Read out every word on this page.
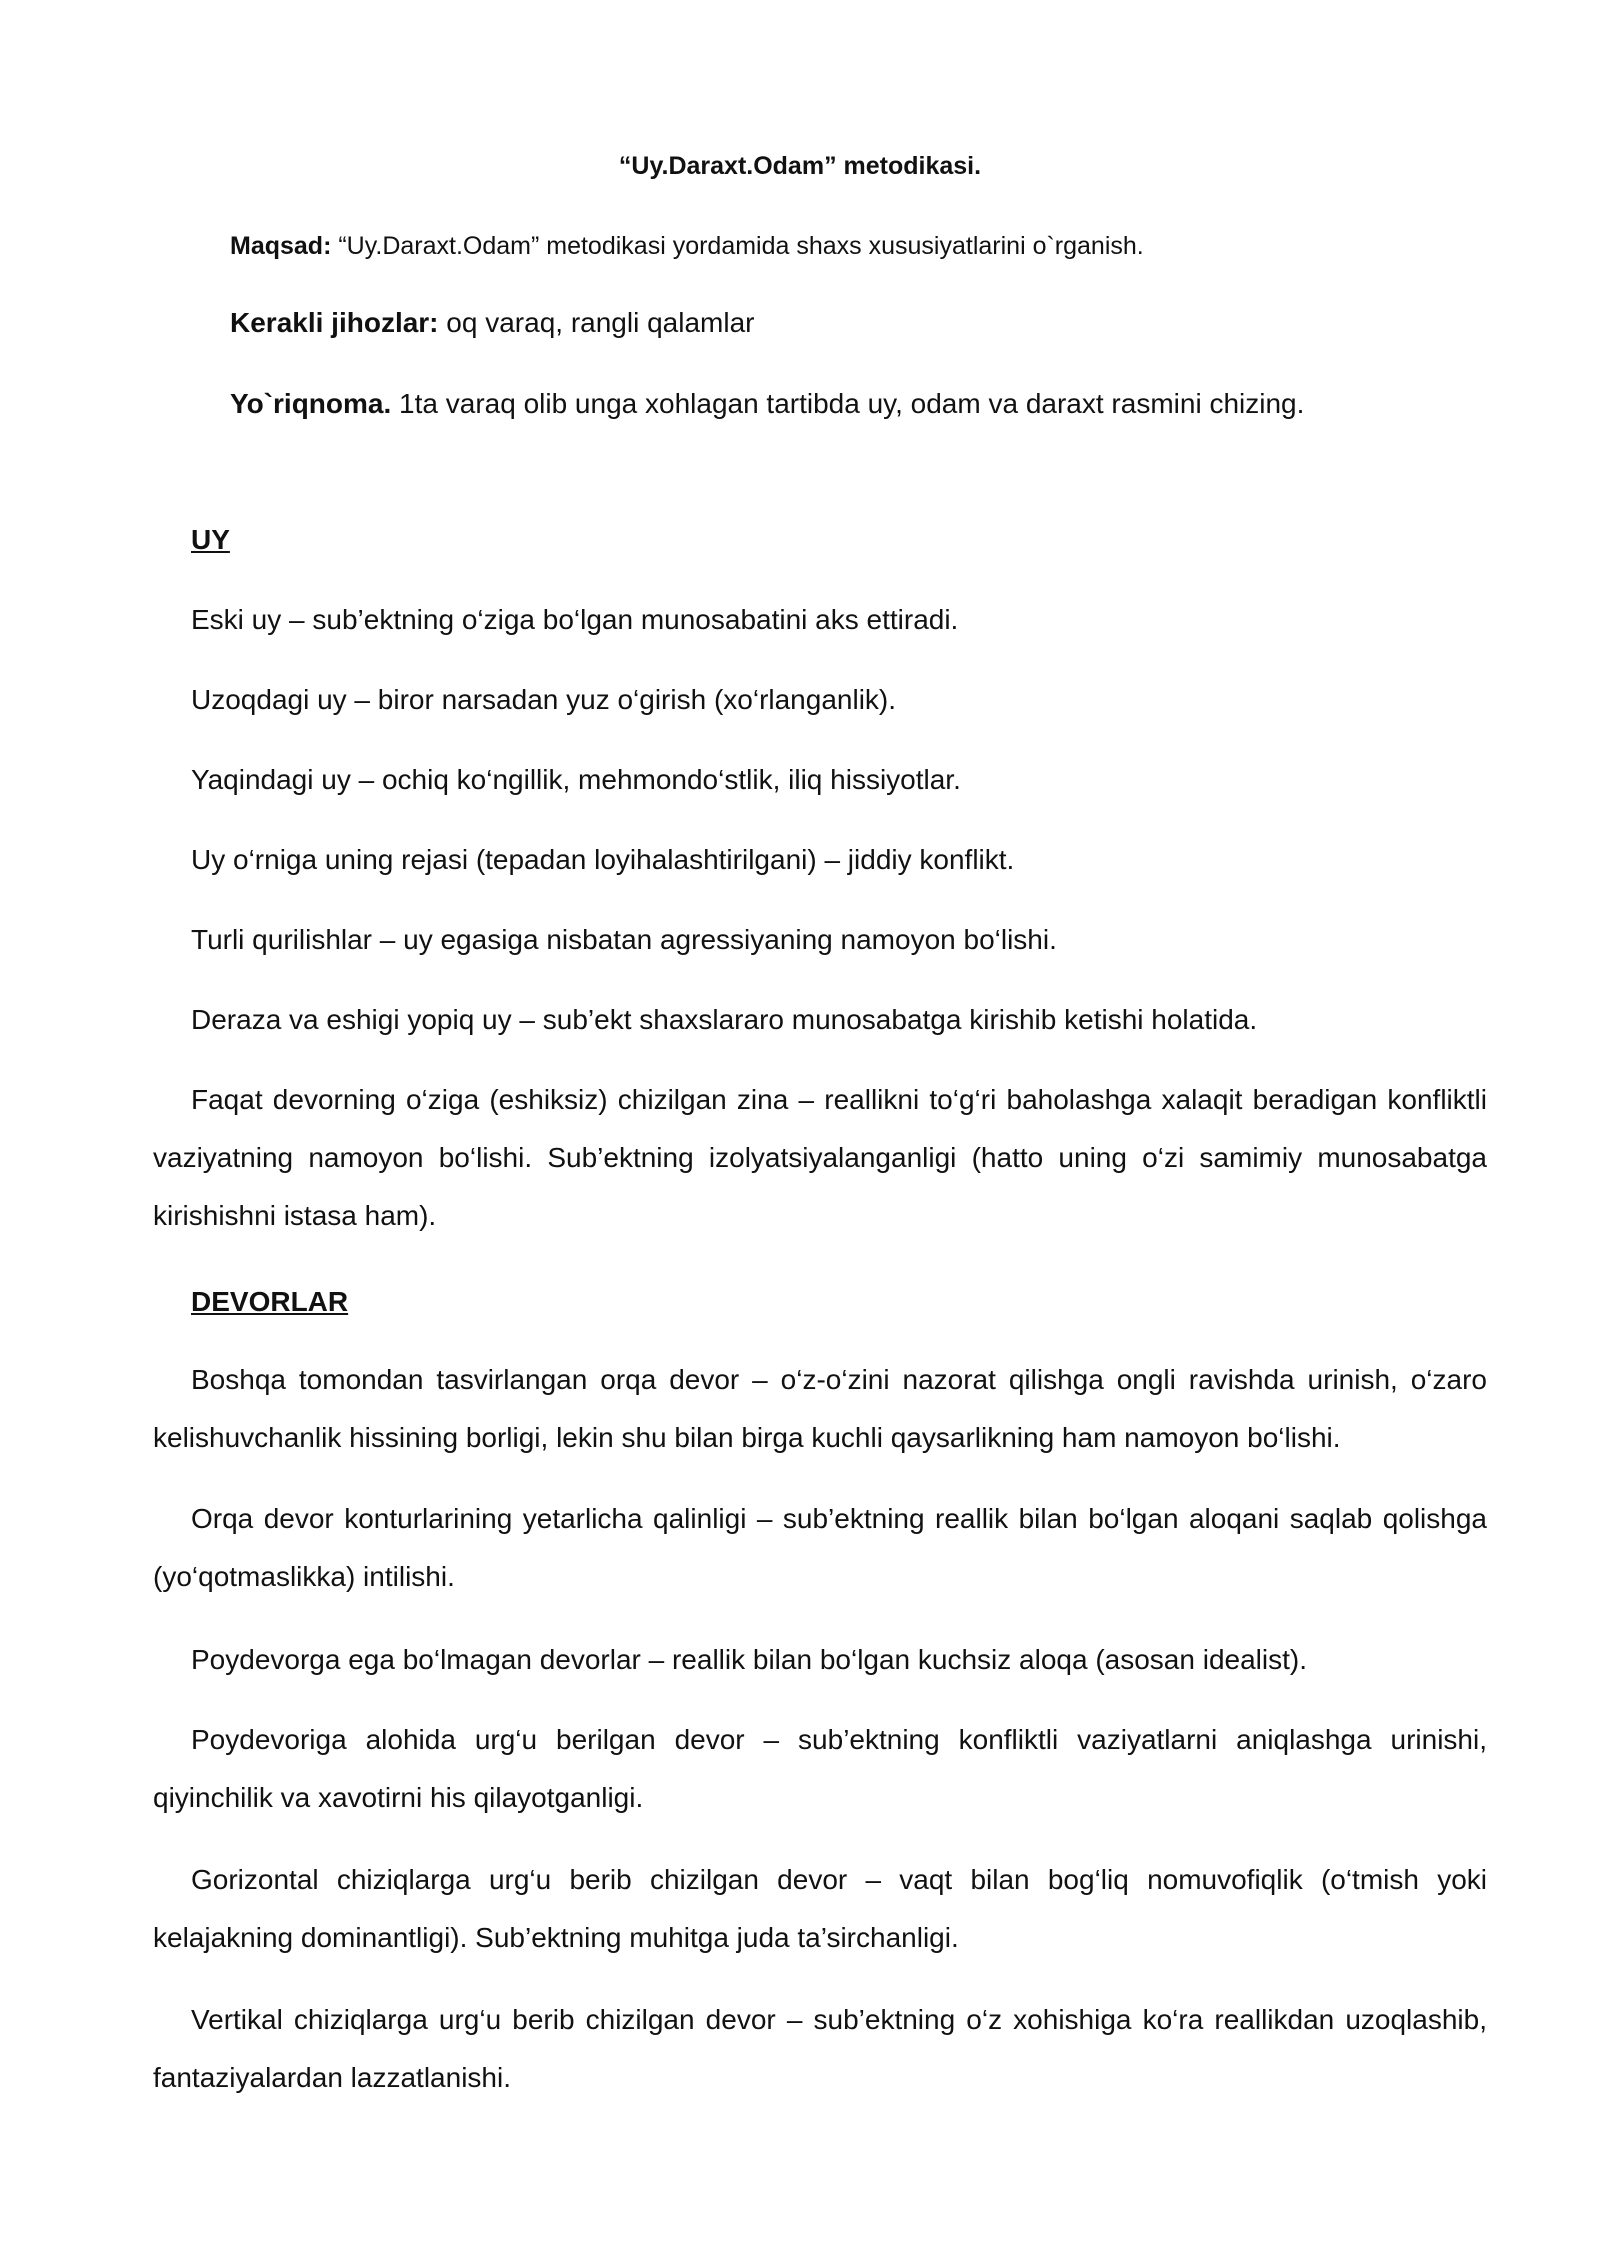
“Uy.Daraxt.Odam” metodikasi.
Maqsad: “Uy.Daraxt.Odam” metodikasi yordamida shaxs xususiyatlarini o`rganish.
Kerakli jihozlar: oq varaq, rangli qalamlar
Yo`riqnoma. 1ta varaq olib unga xohlagan tartibda uy, odam va daraxt rasmini chizing.
UY
Eski uy – sub’ektning o‘ziga bo‘lgan munosabatini aks ettiradi.
Uzoqdagi uy – biror narsadan yuz o‘girish (xo‘rlanganlik).
Yaqindagi uy – ochiq ko‘ngillik, mehmondo‘stlik, iliq hissiyotlar.
Uy o‘rniga uning rejasi (tepadan loyihalashtirilgani) – jiddiy konflikt.
Turli qurilishlar – uy egasiga nisbatan agressiyaning namoyon bo‘lishi.
Deraza va eshigi yopiq uy – sub’ekt shaxslararo munosabatga kirishib ketishi holatida.
Faqat devorning o‘ziga (eshiksiz) chizilgan zina – reallikni to‘g‘ri baholashga xalaqit beradigan konfliktli vaziyatning namoyon bo‘lishi. Sub’ektning izolyatsiyalanganligi (hatto uning o‘zi samimiy munosabatga kirishishni istasa ham).
DEVORLAR
Boshqa tomondan tasvirlangan orqa devor – o‘z-o‘zini nazorat qilishga ongli ravishda urinish, o‘zaro kelishuvchanlik hissining borligi, lekin shu bilan birga kuchli qaysarlikning ham namoyon bo‘lishi.
Orqa devor konturlarining yetarlicha qalinligi – sub’ektning reallik bilan bo‘lgan aloqani saqlab qolishga (yo‘qotmaslikka) intilishi.
Poydevorga ega bo‘lmagan devorlar – reallik bilan bo‘lgan kuchsiz aloqa (asosan idealist).
Poydevoriga alohida urg‘u berilgan devor – sub’ektning konfliktli vaziyatlarni aniqlashga urinishi, qiyinchilik va xavotirni his qilayotganligi.
Gorizontal chiziqlarga urg‘u berib chizilgan devor – vaqt bilan bog‘liq nomuvofiqlik (o‘tmish yoki kelajakning dominantligi). Sub’ektning muhitga juda ta’sirchanligi.
Vertikal chiziqlarga urg‘u berib chizilgan devor – sub’ektning o‘z xohishiga ko‘ra reallikdan uzoqlashib, fantaziyalardan lazzatlanishi.
